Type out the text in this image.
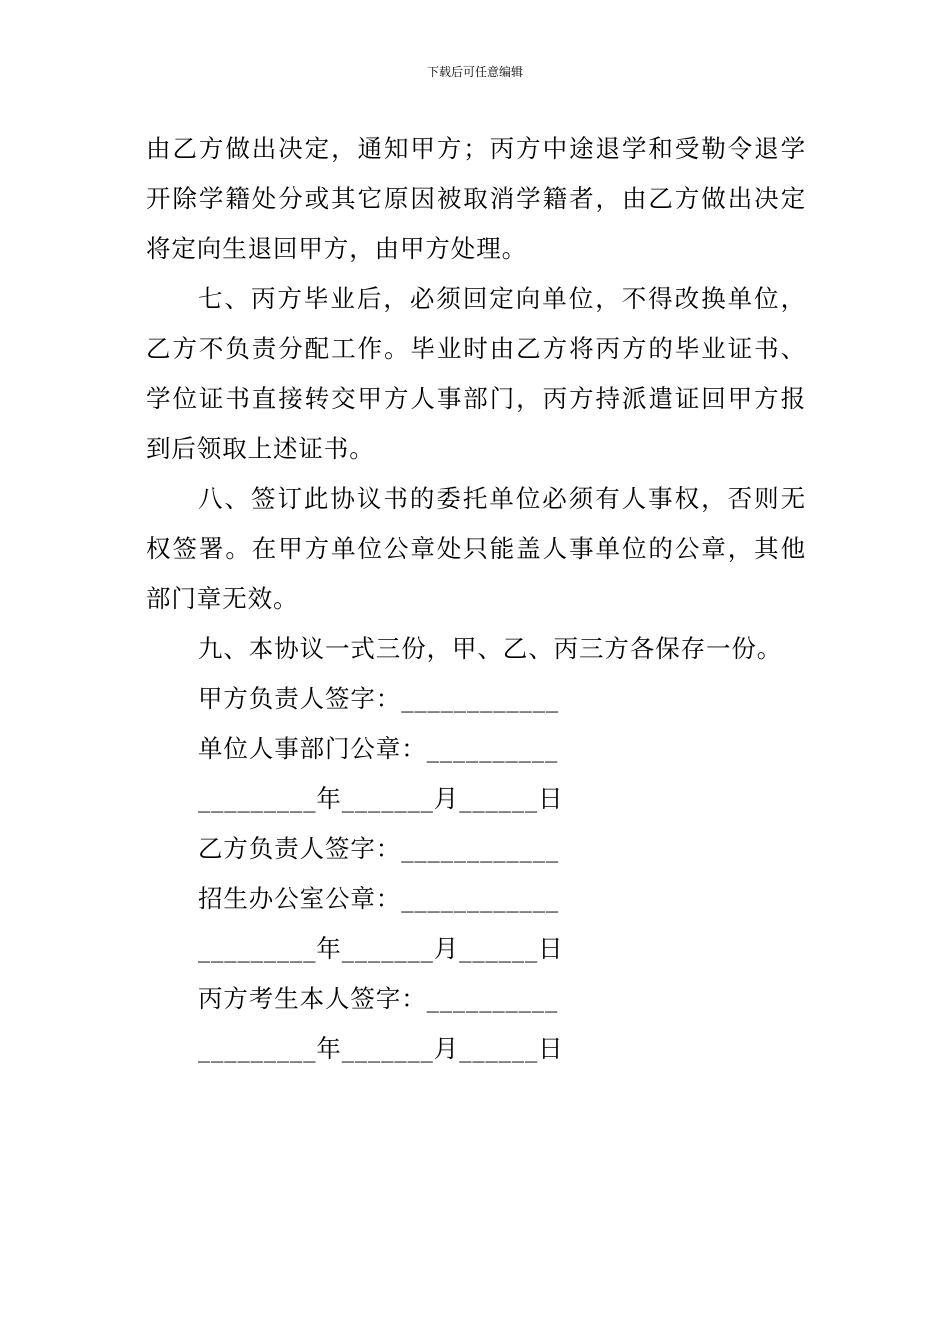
下载后可任意编辑

由乙方做出决定，通知甲方；丙方中途退学和受勒令退学开除学籍处分或其它原因被取消学籍者，由乙方做出决定将定向生退回甲方，由甲方处理。

七、丙方毕业后，必须回定向单位，不得改换单位，乙方不负责分配工作。毕业时由乙方将丙方的毕业证书、学位证书直接转交甲方人事部门，丙方持派遣证回甲方报到后领取上述证书。

八、签订此协议书的委托单位必须有人事权，否则无权签署。在甲方单位公章处只能盖人事单位的公章，其他部门章无效。

九、本协议一式三份，甲、乙、丙三方各保存一份。

甲方负责人签字：____________

单位人事部门公章：__________

_________年_______月______日

乙方负责人签字：____________

招生办公室公章：____________

_________年_______月______日

丙方考生本人签字：__________

_________年_______月______日
